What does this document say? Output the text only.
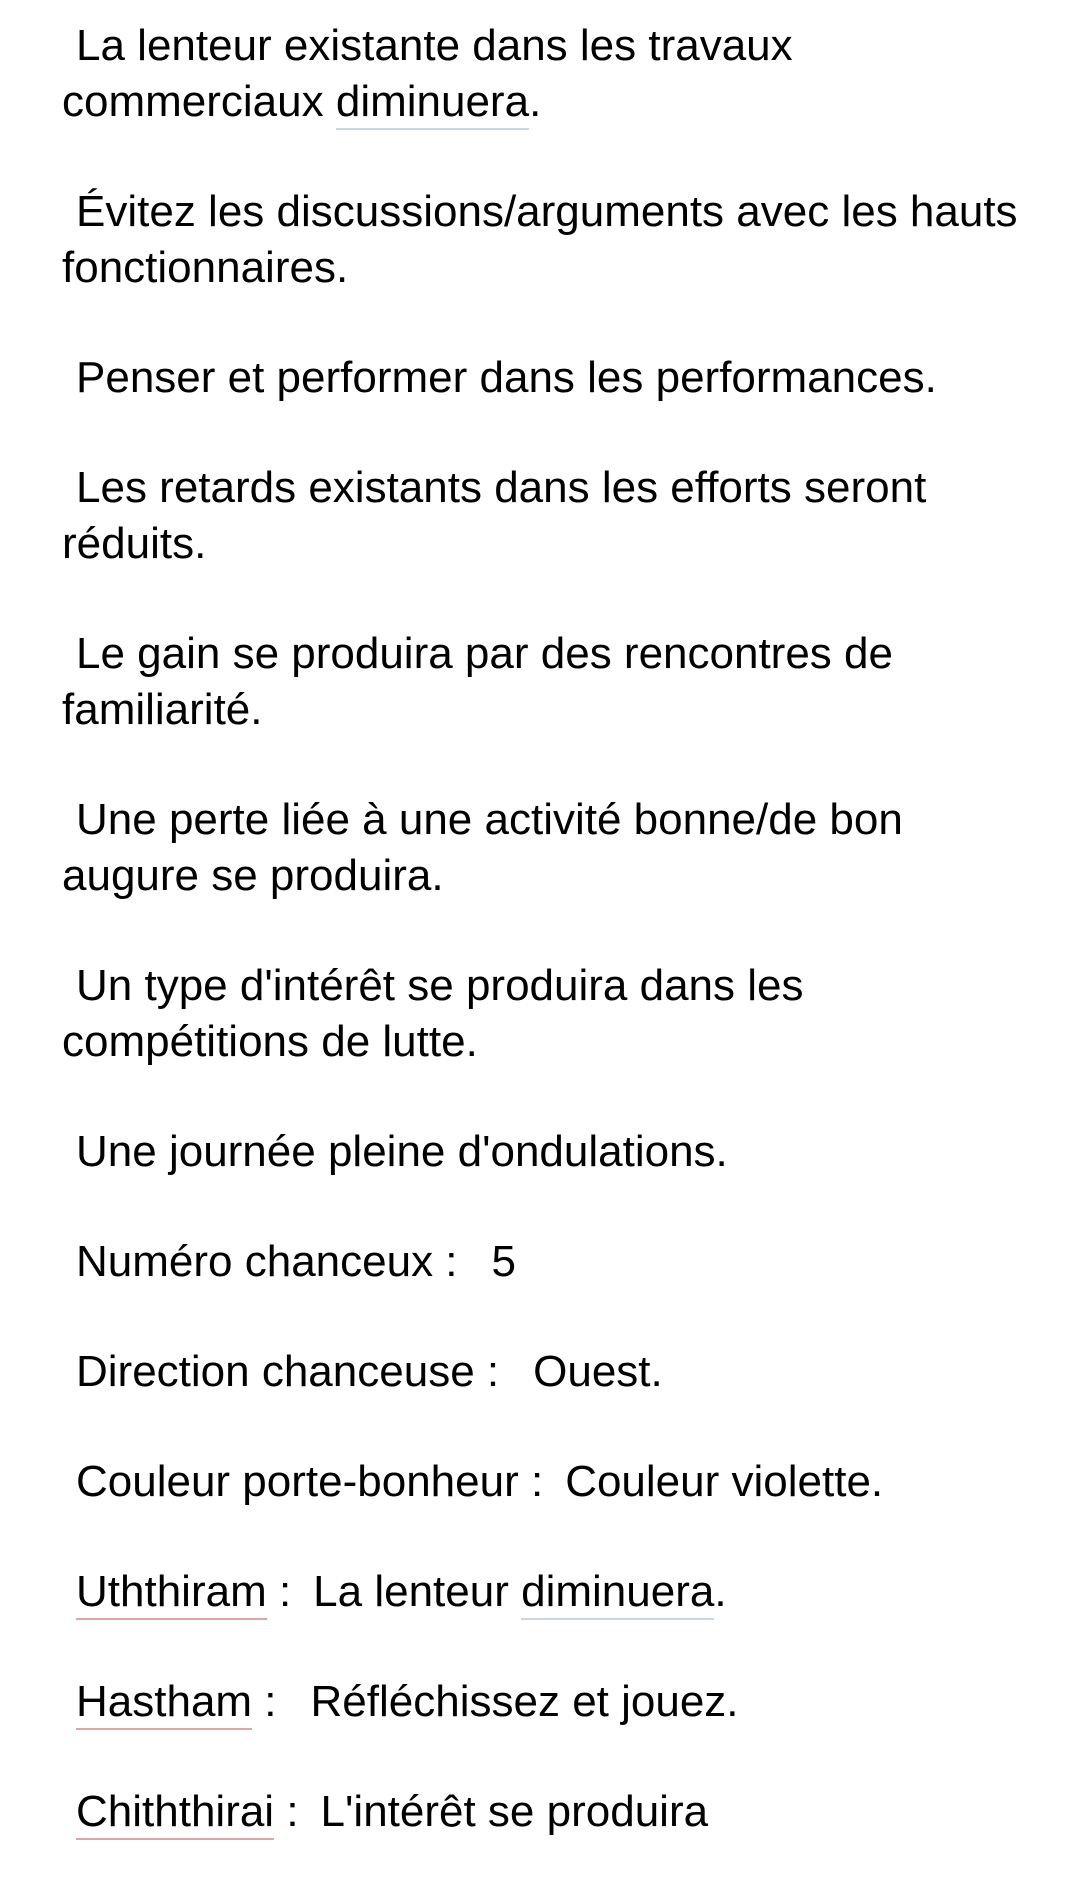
La lenteur existante dans les travaux commerciaux diminuera.

Évitez les discussions/arguments avec les hauts fonctionnaires.

Penser et performer dans les performances.

Les retards existants dans les efforts seront réduits.

Le gain se produira par des rencontres de familiarité.

Une perte liée à une activité bonne/de bon augure se produira.

Un type d'intérêt se produira dans les compétitions de lutte.

Une journée pleine d'ondulations.

Numéro chanceux : 5

Direction chanceuse : Ouest.

Couleur porte-bonheur : Couleur violette.

Uththiram : La lenteur diminuera.

Hastham : Réfléchissez et jouez.

Chiththirai : L'intérêt se produira
